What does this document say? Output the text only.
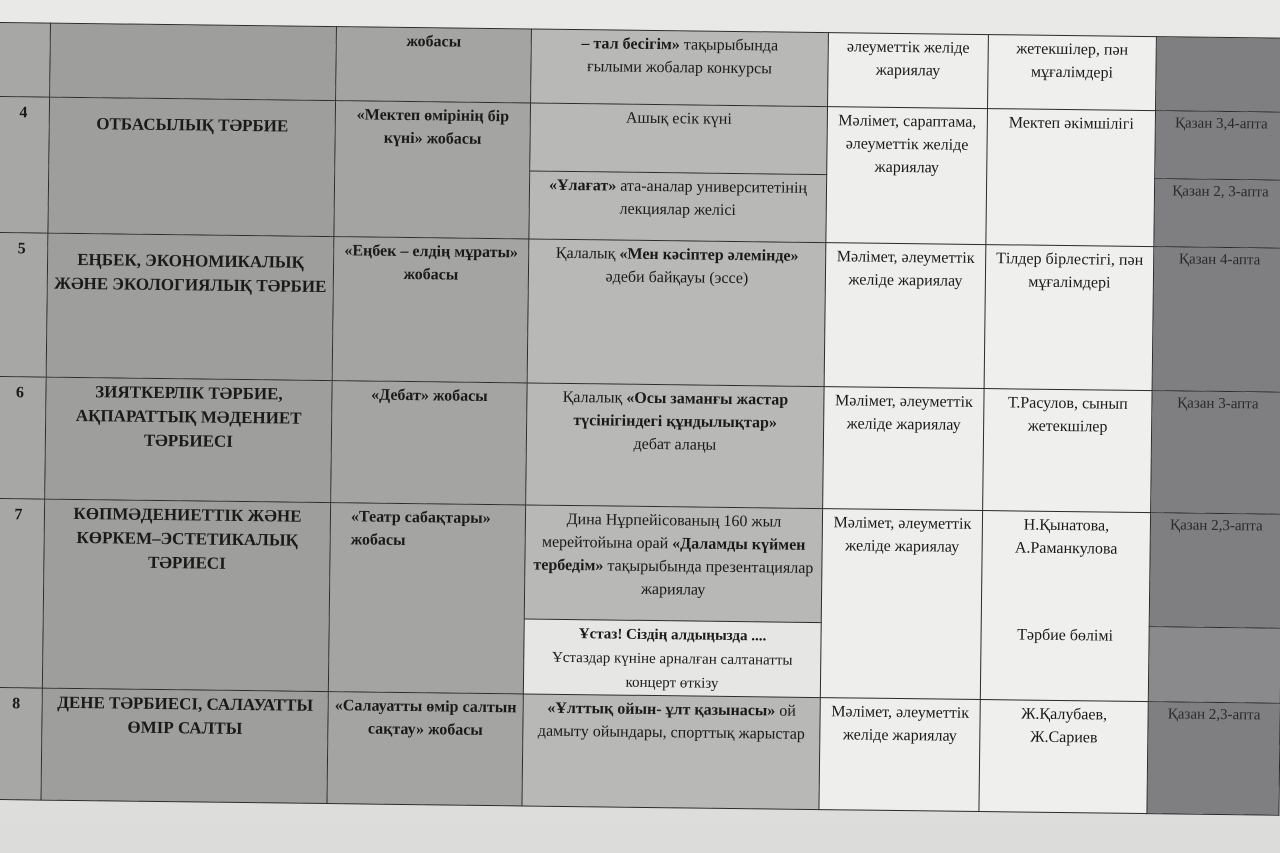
		жобасы	– тал бесігім» тақырыбында
ғылыми жобалар конкурсы	әлеуметтік желіде жариялау	жетекшілер, пән мұғалімдері	
4	ОТБАСЫЛЫҚ ТӘРБИЕ	«Мектеп өмірінің бір күні» жобасы	Ашық есік күні	Мәлімет, сараптама, әлеуметтік желіде жариялау	Мектеп әкімшілігі	Қазан 3,4-апта
			«Ұлағат» ата-аналар университетінің лекциялар желісі			Қазан 2, 3-апта
5	ЕҢБЕК, ЭКОНОМИКАЛЫҚ ЖӘНЕ ЭКОЛОГИЯЛЫҚ ТӘРБИЕ	«Еңбек – елдің мұраты» жобасы	Қалалық «Мен кәсіптер әлемінде» әдеби байқауы (эссе)	Мәлімет, әлеуметтік желіде жариялау	Тілдер бірлестігі, пән мұғалімдері	Қазан 4-апта
6	ЗИЯТКЕРЛІК ТӘРБИЕ, АҚПАРАТТЫҚ МӘДЕНИЕТ ТӘРБИЕСІ	«Дебат» жобасы	Қалалық «Осы заманғы жастар түсінігіндегі құндылықтар»
дебат алаңы	Мәлімет, әлеуметтік желіде жариялау	Т.Расулов, сынып жетекшілер	Қазан 3-апта
7	КӨПМӘДЕНИЕТТІК ЖӘНЕ КӨРКЕМ–ЭСТЕТИКАЛЫҚ ТӘРИЕСІ	«Театр сабақтары» жобасы	Дина Нұрпейісованың 160 жыл мерейтойына орай «Даламды күймен тербедім» тақырыбында презентациялар жариялау	Мәлімет, әлеуметтік желіде жариялау	Н.Қынатова, А.Раманкулова
Тәрбие бөлімі	Қазан 2,3-апта
			Ұстаз! Сіздің алдыңызда ....
Ұстаздар күніне арналған салтанатты концерт өткізу			
8	ДЕНЕ ТӘРБИЕСІ, САЛАУАТТЫ ӨМІР САЛТЫ	«Салауатты өмір салтын сақтау» жобасы	«Ұлттық ойын- ұлт қазынасы» ой дамыту ойындары, спорттық жарыстар	Мәлімет, әлеуметтік желіде жариялау	Ж.Қалубаев, Ж.Сариев	Қазан 2,3-апта
